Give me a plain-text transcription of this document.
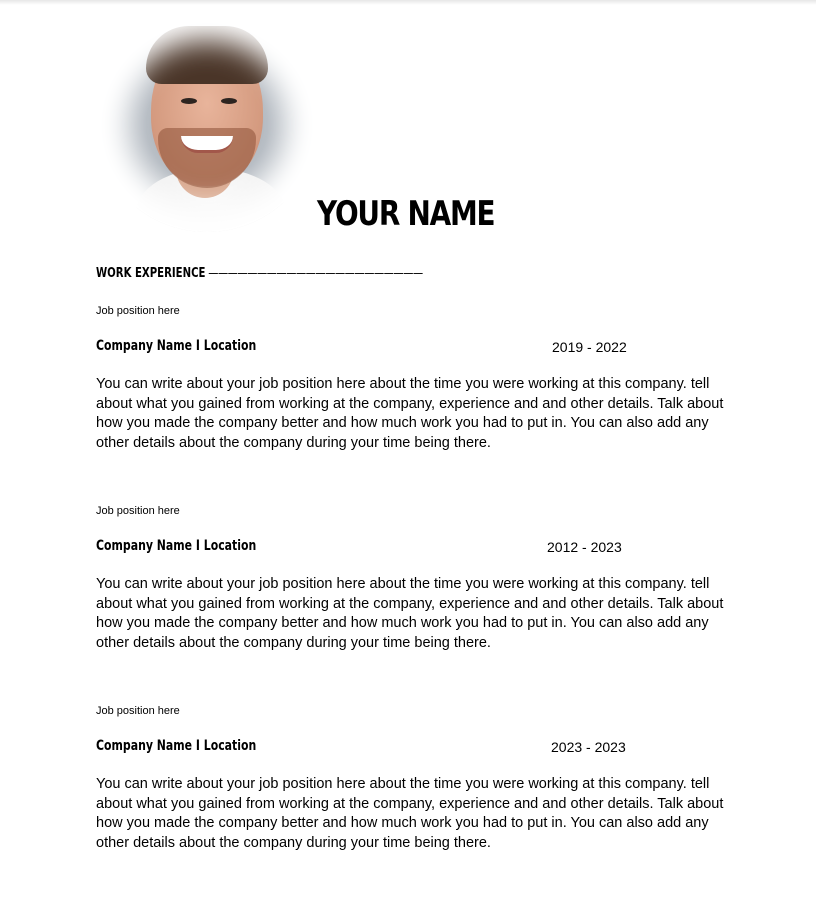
YOUR NAME
WORK EXPERIENCE ——————————————————————
Job position here
Company Name I Location	2019 - 2022
You can write about your job position here about the time you were working at this company. tell about what you gained from working at the company, experience and and other details. Talk about how you made the company better and how much work you had to put in. You can also add any other details about the company during your time being there.
Job position here
Company Name I Location	2012 - 2023
You can write about your job position here about the time you were working at this company. tell about what you gained from working at the company, experience and and other details. Talk about how you made the company better and how much work you had to put in. You can also add any other details about the company during your time being there.
Job position here
Company Name I Location	2023 - 2023
You can write about your job position here about the time you were working at this company. tell about what you gained from working at the company, experience and and other details. Talk about how you made the company better and how much work you had to put in. You can also add any other details about the company during your time being there.
